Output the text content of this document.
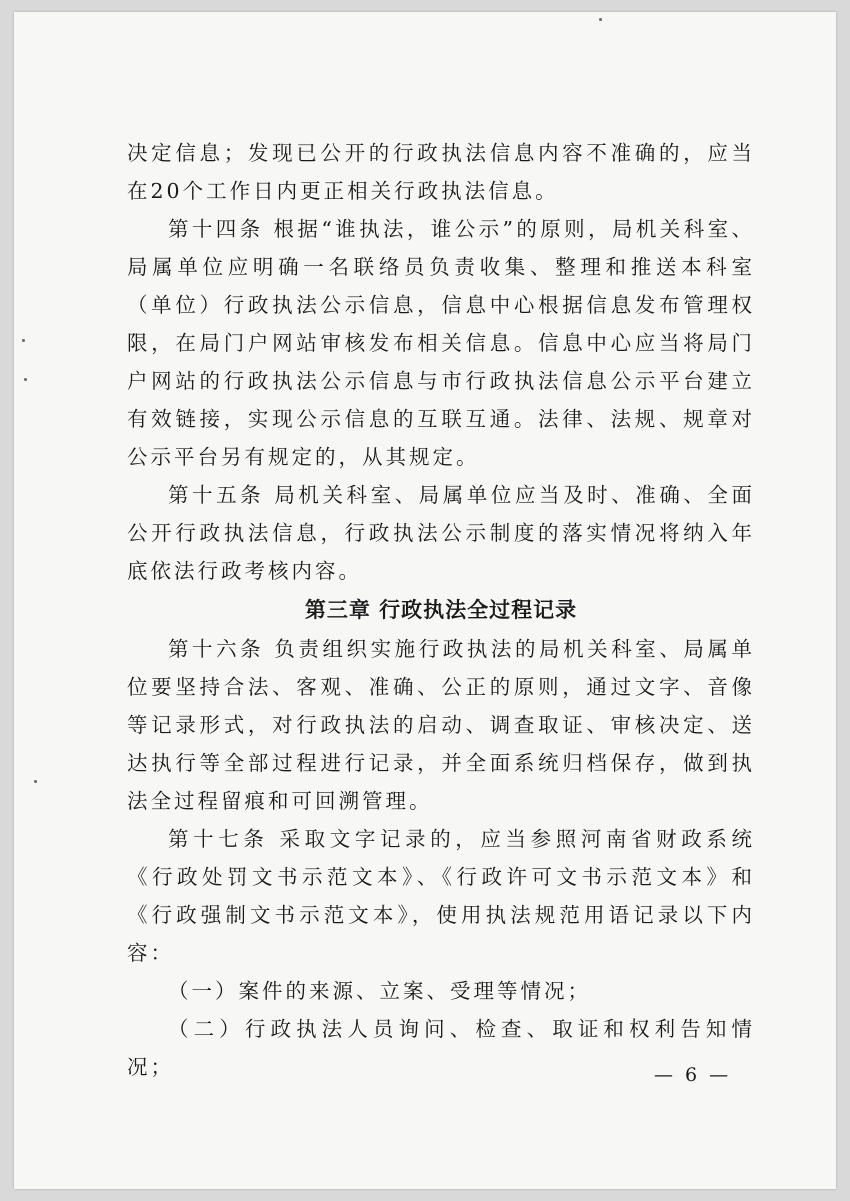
决定信息；发现已公开的行政执法信息内容不准确的，应当在20个工作日内更正相关行政执法信息。

第十四条 根据“谁执法，谁公示”的原则，局机关科室、局属单位应明确一名联络员负责收集、整理和推送本科室（单位）行政执法公示信息，信息中心根据信息发布管理权限，在局门户网站审核发布相关信息。信息中心应当将局门户网站的行政执法公示信息与市行政执法信息公示平台建立有效链接，实现公示信息的互联互通。法律、法规、规章对公示平台另有规定的，从其规定。

第十五条 局机关科室、局属单位应当及时、准确、全面公开行政执法信息，行政执法公示制度的落实情况将纳入年底依法行政考核内容。

第三章 行政执法全过程记录

第十六条 负责组织实施行政执法的局机关科室、局属单位要坚持合法、客观、准确、公正的原则，通过文字、音像等记录形式，对行政执法的启动、调查取证、审核决定、送达执行等全部过程进行记录，并全面系统归档保存，做到执法全过程留痕和可回溯管理。

第十七条 采取文字记录的，应当参照河南省财政系统《行政处罚文书示范文本》、《行政许可文书示范文本》和《行政强制文书示范文本》，使用执法规范用语记录以下内容：

（一）案件的来源、立案、受理等情况；

（二）行政执法人员询问、检查、取证和权利告知情况；	— 6 —
